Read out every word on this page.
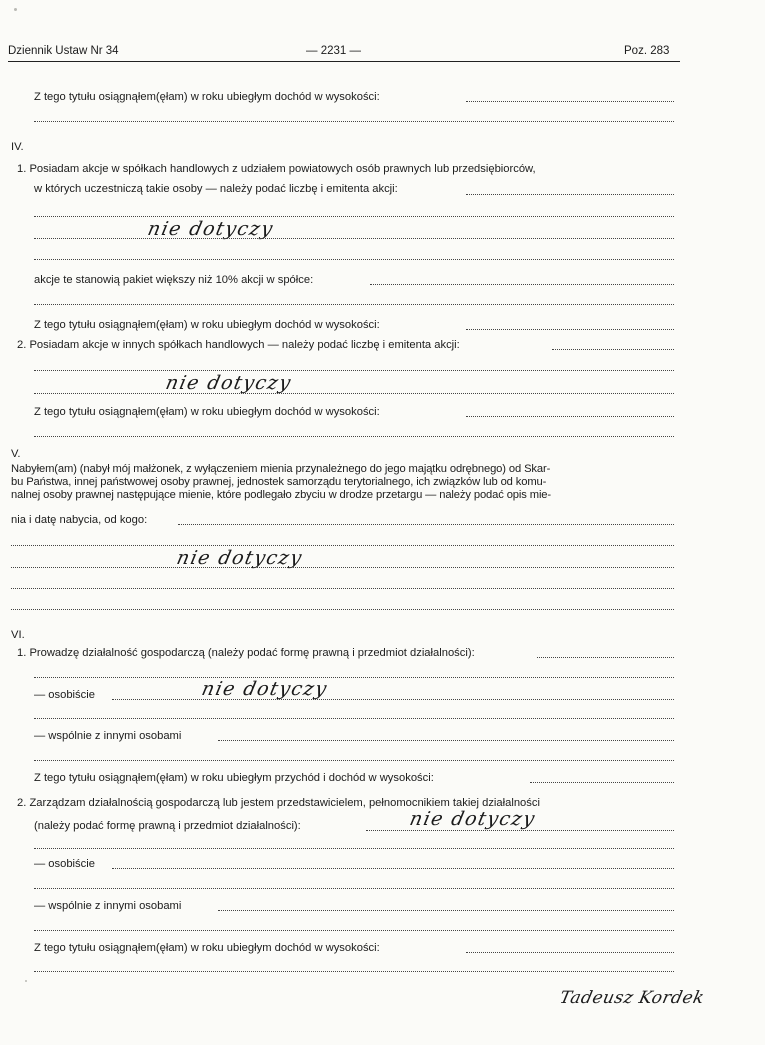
Dziennik Ustaw Nr 34	— 2231 —	Poz. 283
Z tego tytułu osiągnąłem(ęłam) w roku ubiegłym dochód w wysokości:
IV.
1. Posiadam akcje w spółkach handlowych z udziałem powiatowych osób prawnych lub przedsiębiorców,
w których uczestniczą takie osoby — należy podać liczbę i emitenta akcji:
nie dotyczy
akcje te stanowią pakiet większy niż 10% akcji w spółce:
Z tego tytułu osiągnąłem(ęłam) w roku ubiegłym dochód w wysokości:
2. Posiadam akcje w innych spółkach handlowych — należy podać liczbę i emitenta akcji:
nie dotyczy
Z tego tytułu osiągnąłem(ęłam) w roku ubiegłym dochód w wysokości:
V.
Nabyłem(am) (nabył mój małżonek, z wyłączeniem mienia przynależnego do jego majątku odrębnego) od Skar-
bu Państwa, innej państwowej osoby prawnej, jednostek samorządu terytorialnego, ich związków lub od komu-
nalnej osoby prawnej następujące mienie, które podlegało zbyciu w drodze przetargu — należy podać opis mie-
nia i datę nabycia, od kogo:
nie dotyczy
VI.
1. Prowadzę działalność gospodarczą (należy podać formę prawną i przedmiot działalności):
— osobiście	nie dotyczy
— wspólnie z innymi osobami
Z tego tytułu osiągnąłem(ęłam) w roku ubiegłym przychód i dochód w wysokości:
2. Zarządzam działalnością gospodarczą lub jestem przedstawicielem, pełnomocnikiem takiej działalności
(należy podać formę prawną i przedmiot działalności):	nie dotyczy
— osobiście
— wspólnie z innymi osobami
Z tego tytułu osiągnąłem(ęłam) w roku ubiegłym dochód w wysokości:
Tadeusz Kordek
